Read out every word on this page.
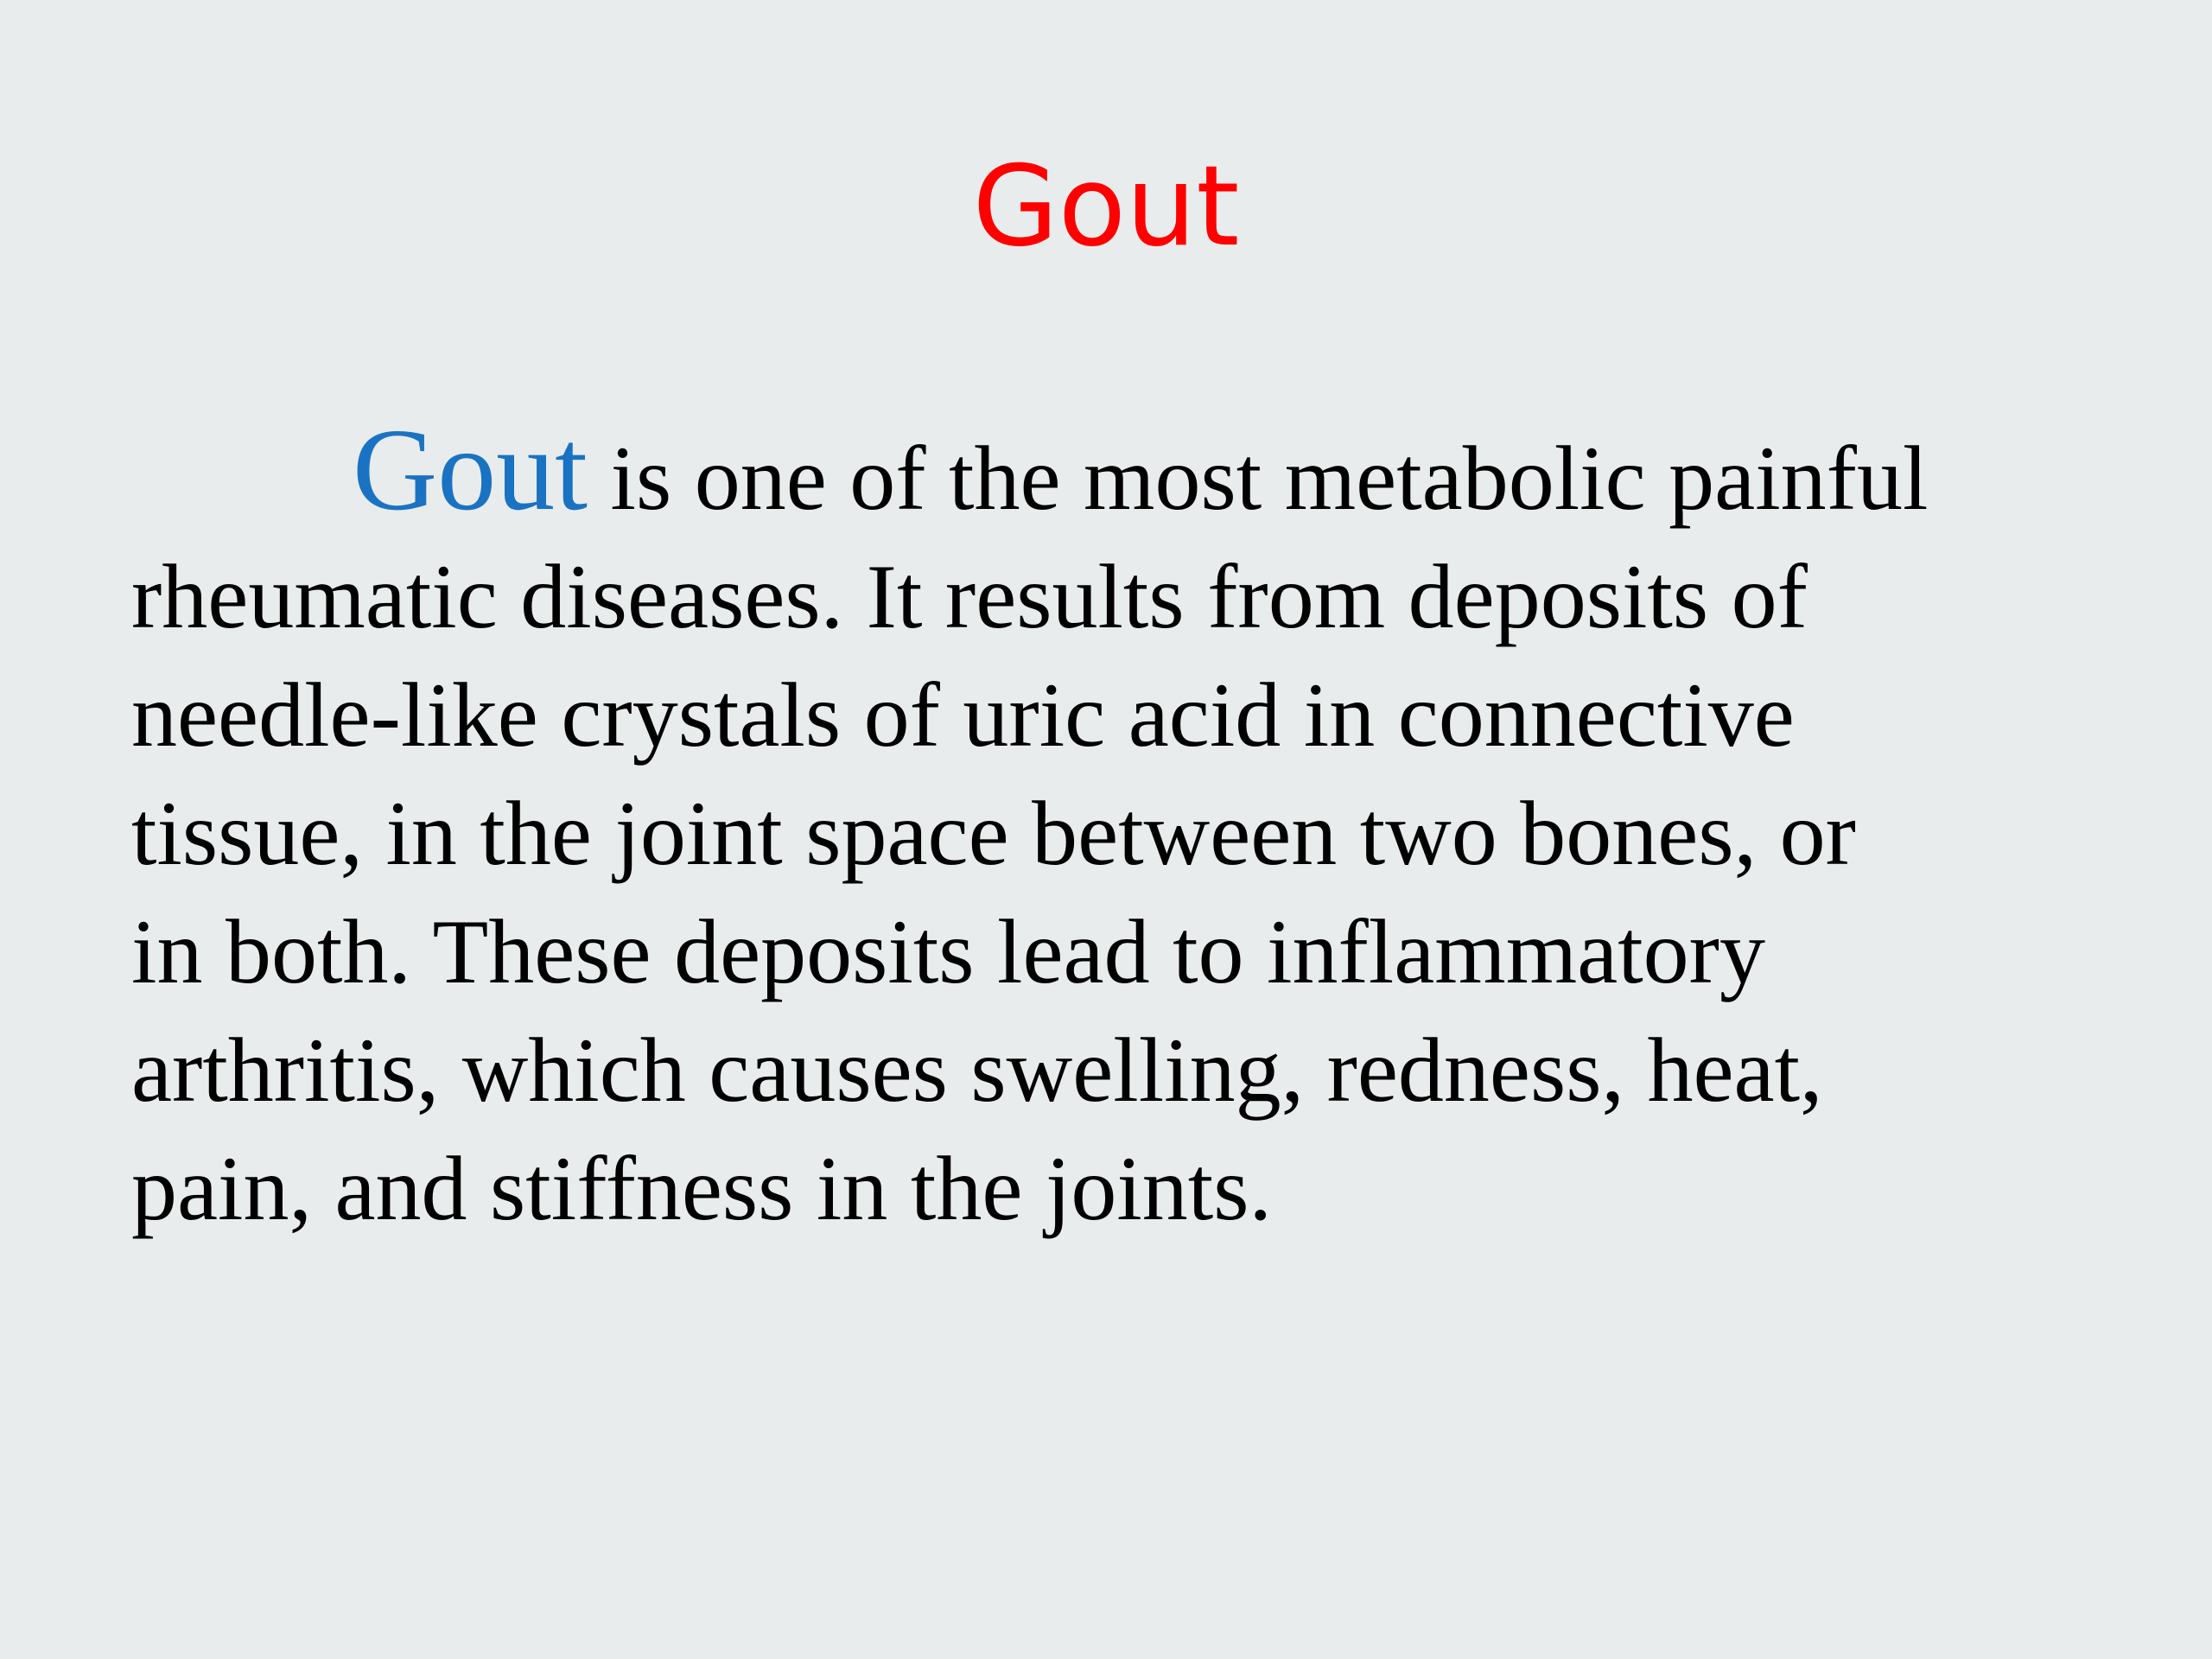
Gout

Gout is one of the most metabolic painful
rheumatic diseases. It results from deposits of
needle-like crystals of uric acid in connective
tissue, in the joint space between two bones, or
in both. These deposits lead to inflammatory
arthritis, which causes swelling, redness, heat,
pain, and stiffness in the joints.
